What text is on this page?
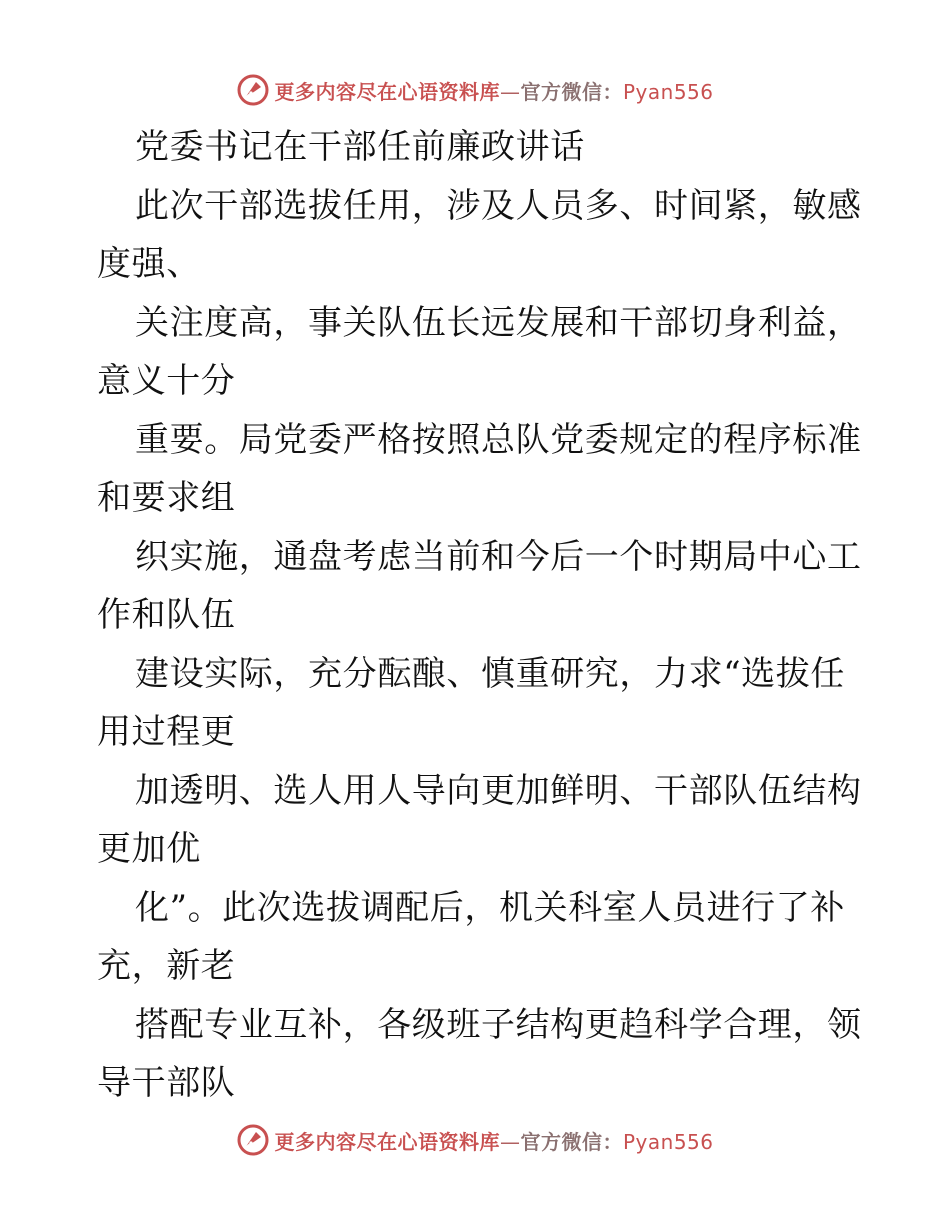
更多内容尽在心语资料库—官方微信：Pyan556
党委书记在干部任前廉政讲话
此次干部选拔任用，涉及人员多、时间紧，敏感
度强、
关注度高，事关队伍长远发展和干部切身利益，
意义十分
重要。局党委严格按照总队党委规定的程序标准
和要求组
织实施，通盘考虑当前和今后一个时期局中心工
作和队伍
建设实际，充分酝酿、慎重研究，力求“选拔任
用过程更
加透明、选人用人导向更加鲜明、干部队伍结构
更加优
化”。此次选拔调配后，机关科室人员进行了补
充，新老
搭配专业互补，各级班子结构更趋科学合理，领
导干部队
更多内容尽在心语资料库—官方微信：Pyan556
